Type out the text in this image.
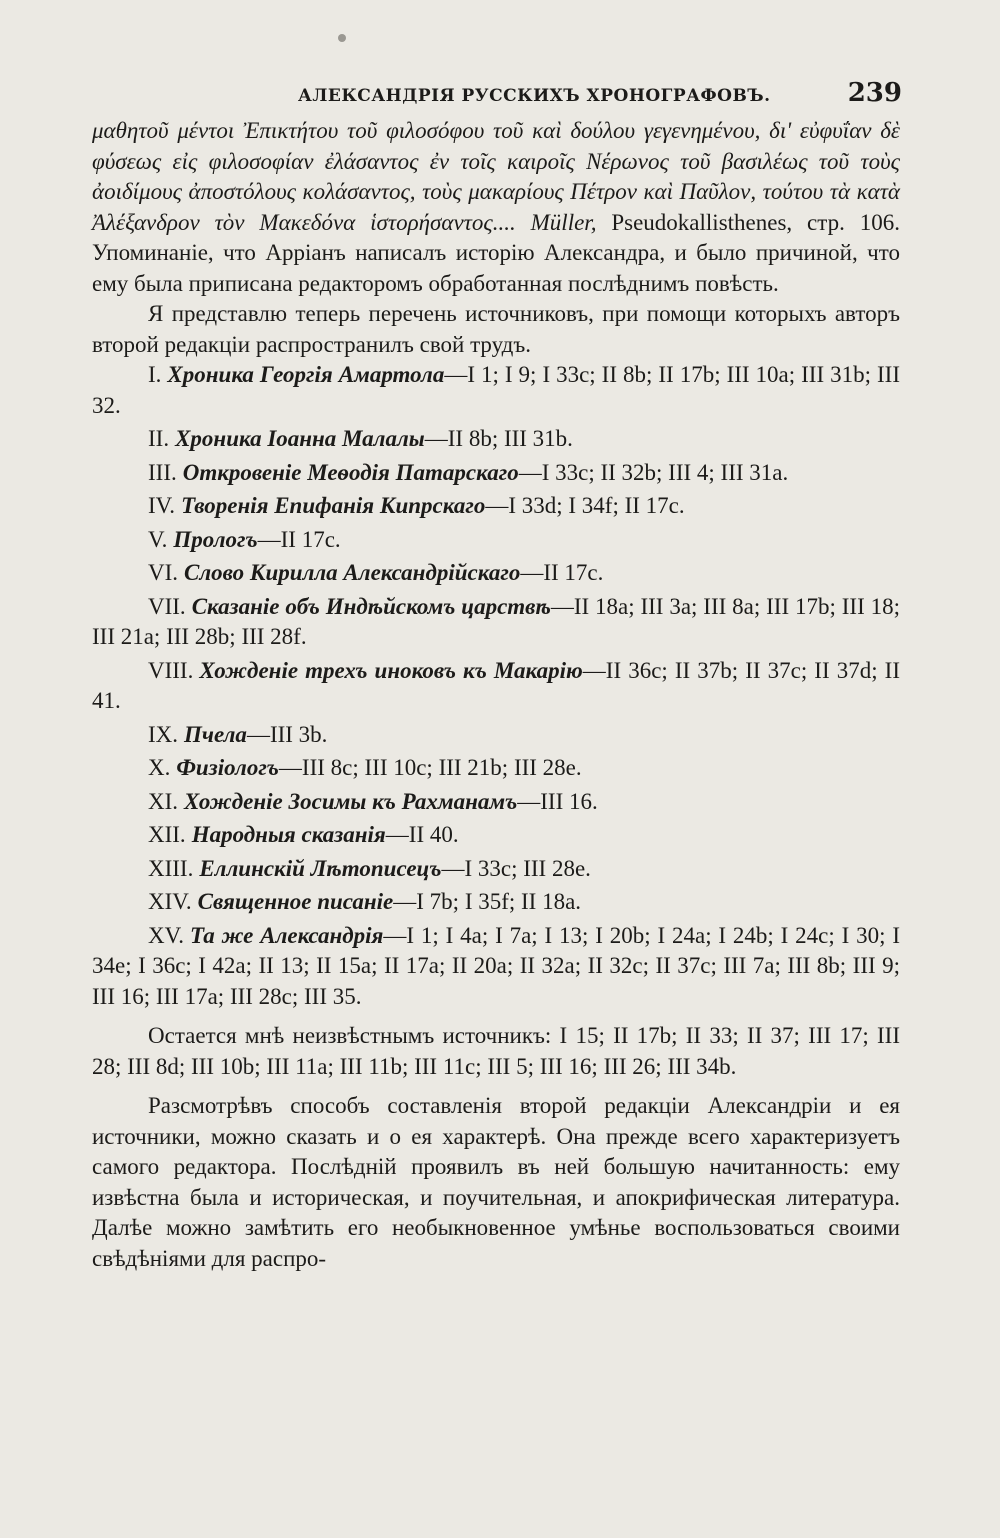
АЛЕКСАНДРІЯ РУССКИХЪ ХРОНОГРАФОВЪ.	239

μαθητοῦ μέντοι Ἐπικτήτου τοῦ φιλοσόφου τοῦ καὶ δούλου γεγενημένου, δι' εὐφυΐαν δὲ φύσεως εἰς φιλοσοφίαν ἐλάσαντος ἐν τοῖς καιροῖς Νέρωνος τοῦ βασιλέως τοῦ τοὺς ἀοιδίμους ἀποστόλους κολάσαντος, τοὺς μακαρίους Πέτρον καὶ Παῦλον, τούτου τὰ κατὰ Ἀλέξανδρον τὸν Μακεδόνα ἱστορήσαντος.... Müller, Pseudokallisthenes, стр. 106. Упоминаніе, что Арріанъ написалъ исторію Александра, и было причиной, что ему была приписана редакторомъ обработанная послѣднимъ повѣсть.

Я представлю теперь перечень источниковъ, при помощи которыхъ авторъ второй редакціи распространилъ свой трудъ.

I. Хроника Георгія Амартола—I 1; I 9; I 33c; II 8b; II 17b; III 10a; III 31b; III 32.

II. Хроника Іоанна Малалы—II 8b; III 31b.

III. Откровеніе Меѳодія Патарскаго—I 33c; II 32b; III 4; III 31a.

IV. Творенія Епифанія Кипрскаго—I 33d; I 34f; II 17c.

V. Прологъ—II 17c.

VI. Слово Кирилла Александрійскаго—II 17c.

VII. Сказаніе объ Индѣйскомъ царствѣ—II 18a; III 3a; III 8a; III 17b; III 18; III 21a; III 28b; III 28f.

VIII. Хожденіе трехъ иноковъ къ Макарію—II 36c; II 37b; II 37c; II 37d; II 41.

IX. Пчела—III 3b.

X. Физіологъ—III 8c; III 10c; III 21b; III 28e.

XI. Хожденіе Зосимы къ Рахманамъ—III 16.

XII. Народныя сказанія—II 40.

XIII. Еллинскій Лѣтописецъ—I 33c; III 28e.

XIV. Священное писаніе—I 7b; I 35f; II 18a.

XV. Та же Александрія—I 1; I 4a; I 7a; I 13; I 20b; I 24a; I 24b; I 24c; I 30; I 34e; I 36c; I 42a; II 13; II 15a; II 17a; II 20a; II 32a; II 32c; II 37c; III 7a; III 8b; III 9; III 16; III 17a; III 28c; III 35.

Остается мнѣ неизвѣстнымъ источникъ: I 15; II 17b; II 33; II 37; III 17; III 28; III 8d; III 10b; III 11a; III 11b; III 11c; III 5; III 16; III 26; III 34b.

Разсмотрѣвъ способъ составленія второй редакціи Александріи и ея источники, можно сказать и о ея характерѣ. Она прежде всего характеризуетъ самого редактора. Послѣдній проявилъ въ ней большую начитанность: ему извѣстна была и историческая, и поучительная, и апокрифическая литература. Далѣе можно замѣтить его необыкновенное умѣнье воспользоваться своими свѣдѣніями для распро-
